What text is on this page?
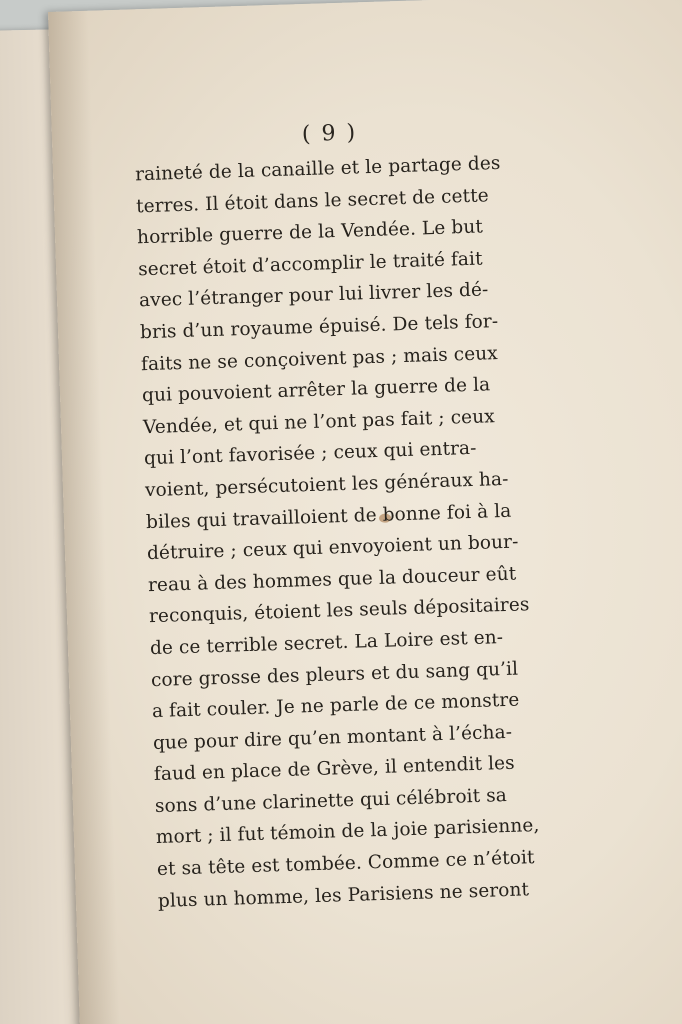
( 9 )
raineté de la canaille et le partage des
terres. Il étoit dans le secret de cette
horrible guerre de la Vendée. Le but
secret étoit d’accomplir le traité fait
avec l’étranger pour lui livrer les dé-
bris d’un royaume épuisé. De tels for-
faits ne se conçoivent pas ; mais ceux
qui pouvoient arrêter la guerre de la
Vendée, et qui ne l’ont pas fait ; ceux
qui l’ont favorisée ; ceux qui entra-
voient, persécutoient les généraux ha-
biles qui travailloient de bonne foi à la
détruire ; ceux qui envoyoient un bour-
reau à des hommes que la douceur eût
reconquis, étoient les seuls dépositaires
de ce terrible secret. La Loire est en-
core grosse des pleurs et du sang qu’il
a fait couler. Je ne parle de ce monstre
que pour dire qu’en montant à l’écha-
faud en place de Grève, il entendit les
sons d’une clarinette qui célébroit sa
mort ; il fut témoin de la joie parisienne,
et sa tête est tombée. Comme ce n’étoit
plus un homme, les Parisiens ne seront
